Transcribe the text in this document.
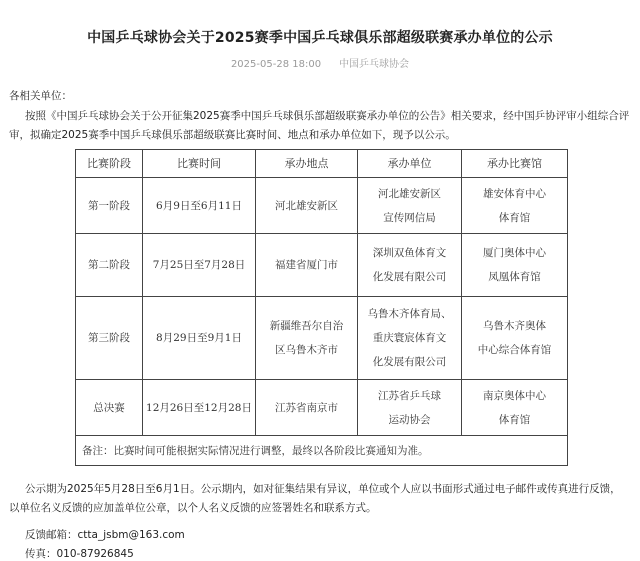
中国乒乓球协会关于2025赛季中国乒乓球俱乐部超级联赛承办单位的公示
2025-05-28 18:00 中国乒乓球协会
各相关单位：
按照《中国乒乓球协会关于公开征集2025赛季中国乒乓球俱乐部超级联赛承办单位的公告》相关要求，经中国乒协评审小组综合评审，拟确定2025赛季中国乒乓球俱乐部超级联赛比赛时间、地点和承办单位如下，现予以公示。
比赛阶段	比赛时间	承办地点	承办单位	承办比赛馆
第一阶段	6月9日至6月11日	河北雄安新区	河北雄安新区
宣传网信局	雄安体育中心
体育馆

第二阶段	7月25日至7月28日	福建省厦门市	深圳双鱼体育文
化发展有限公司	厦门奥体中心
凤凰体育馆

第三阶段	8月29日至9月1日	新疆维吾尔自治
区乌鲁木齐市	乌鲁木齐体育局、
重庆寰宸体育文
化发展有限公司	乌鲁木齐奥体
中心综合体育馆

总决赛	12月26日至12月28日	江苏省南京市	江苏省乒乓球
运动协会	南京奥体中心
体育馆

备注：比赛时间可能根据实际情况进行调整，最终以各阶段比赛通知为准。				
公示期为2025年5月28日至6月1日。公示期内，如对征集结果有异议，单位或个人应以书面形式通过电子邮件或传真进行反馈，以单位名义反馈的应加盖单位公章，以个人名义反馈的应签署姓名和联系方式。
反馈邮箱：ctta_jsbm@163.com
传真：010-87926845
